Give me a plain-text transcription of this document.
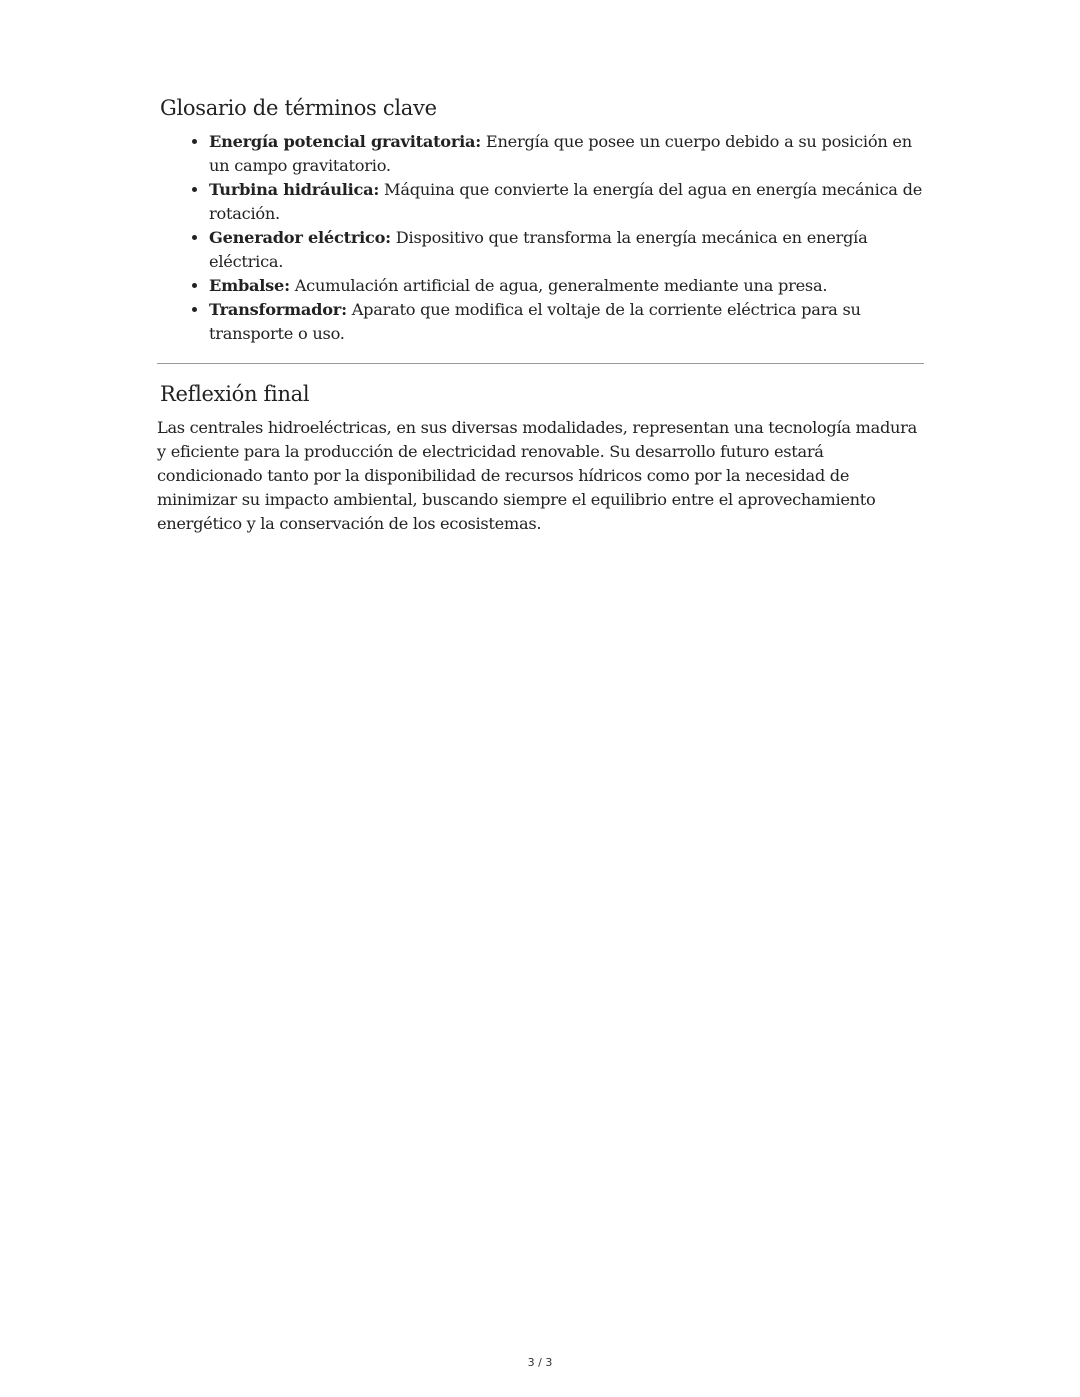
Glosario de términos clave
• Energía potencial gravitatoria: Energía que posee un cuerpo debido a su posición en un campo gravitatorio.
• Turbina hidráulica: Máquina que convierte la energía del agua en energía mecánica de rotación.
• Generador eléctrico: Dispositivo que transforma la energía mecánica en energía eléctrica.
• Embalse: Acumulación artificial de agua, generalmente mediante una presa.
• Transformador: Aparato que modifica el voltaje de la corriente eléctrica para su transporte o uso.
Reflexión final

Las centrales hidroeléctricas, en sus diversas modalidades, representan una tecnología madura y eficiente para la producción de electricidad renovable. Su desarrollo futuro estará condicionado tanto por la disponibilidad de recursos hídricos como por la necesidad de minimizar su impacto ambiental, buscando siempre el equilibrio entre el aprovechamiento energético y la conservación de los ecosistemas.

3 / 3
